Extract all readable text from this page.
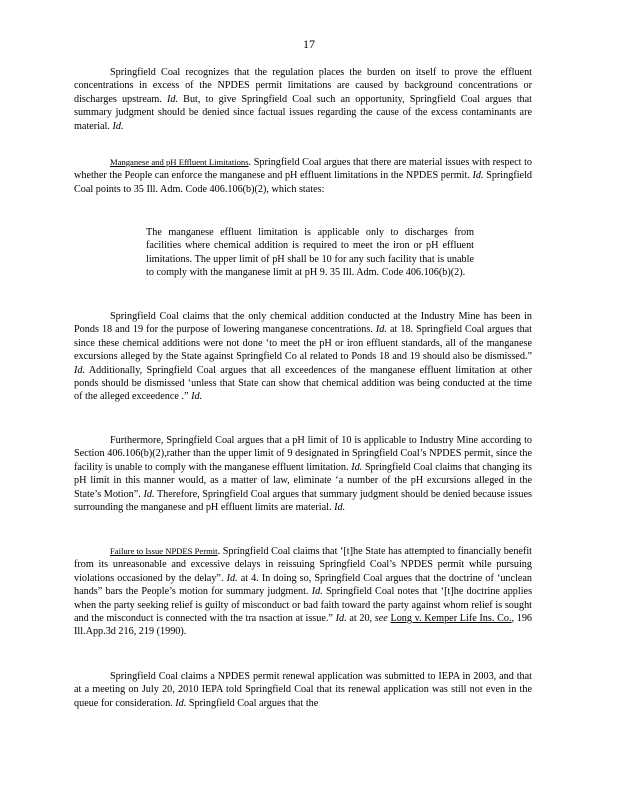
17

Springfield Coal recognizes that the regulation places the burden on itself to prove the effluent concentrations in excess of the NPDES permit limitations are caused by background concentrations or discharges upstream. Id. But, to give Springfield Coal such an opportunity, Springfield Coal argues that summary judgment should be denied since factual issues regarding the cause of the excess contaminants are material. Id.

Manganese and pH Effluent Limitations. Springfield Coal argues that there are material issues with respect to whether the People can enforce the manganese and pH effluent limitations in the NPDES permit. Id. Springfield Coal points to 35 Ill. Adm. Code 406.106(b)(2), which states:

The manganese effluent limitation is applicable only to discharges from facilities where chemical addition is required to meet the iron or pH effluent limitations. The upper limit of pH shall be 10 for any such facility that is unable to comply with the manganese limit at pH 9. 35 Ill. Adm. Code 406.106(b)(2).

Springfield Coal claims that the only chemical addition conducted at the Industry Mine has been in Ponds 18 and 19 for the purpose of lowering manganese concentrations. Id. at 18. Springfield Coal argues that since these chemical additions were not done ‘to meet the pH or iron effluent standards, all of the manganese excursions alleged by the State against Springfield Co al related to Ponds 18 and 19 should also be dismissed.” Id. Additionally, Springfield Coal argues that all exceedences of the manganese effluent limitation at other ponds should be dismissed ‘unless that State can show that chemical addition was being conducted at the time of the alleged exceedence .” Id.

Furthermore, Springfield Coal argues that a pH limit of 10 is applicable to Industry Mine according to Section 406.106(b)(2),rather than the upper limit of 9 designated in Springfield Coal’s NPDES permit, since the facility is unable to comply with the manganese effluent limitation. Id. Springfield Coal claims that changing its pH limit in this manner would, as a matter of law, eliminate ‘a number of the pH excursions alleged in the State’s Motion”. Id. Therefore, Springfield Coal argues that summary judgment should be denied because issues surrounding the manganese and pH effluent limits are material. Id.

Failure to Issue NPDES Permit. Springfield Coal claims that ‘[t]he State has attempted to financially benefit from its unreasonable and excessive delays in reissuing Springfield Coal’s NPDES permit while pursuing violations occasioned by the delay”. Id. at 4. In doing so, Springfield Coal argues that the doctrine of ‘unclean hands” bars the People’s motion for summary judgment. Id. Springfield Coal notes that ‘[t]he doctrine applies when the party seeking relief is guilty of misconduct or bad faith toward the party against whom relief is sought and the misconduct is connected with the tra nsaction at issue.” Id. at 20, see Long v. Kemper Life Ins. Co., 196 Ill.App.3d 216, 219 (1990).

Springfield Coal claims a NPDES permit renewal application was submitted to IEPA in 2003, and that at a meeting on July 20, 2010 IEPA told Springfield Coal that its renewal application was still not even in the queue for consideration. Id. Springfield Coal argues that the
